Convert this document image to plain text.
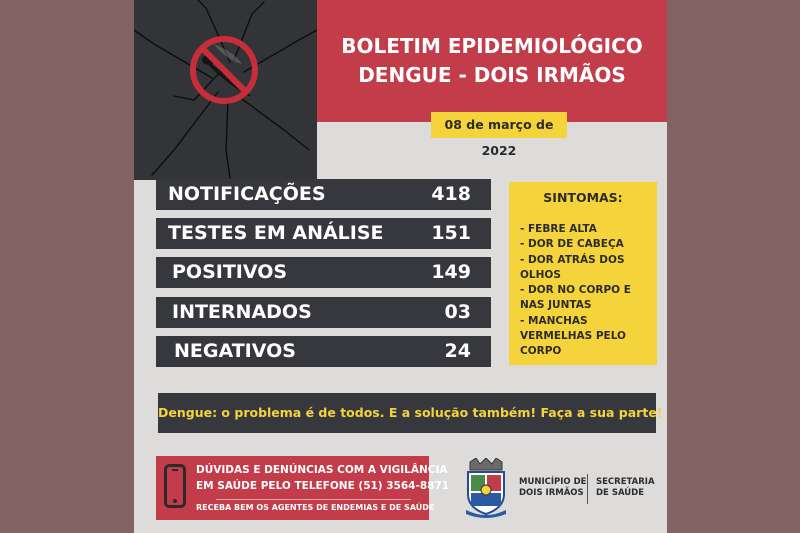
BOLETIM EPIDEMIOLÓGICO
DENGUE - DOIS IRMÃOS
08 de março de 2022
NOTIFICAÇÕES	418
TESTES EM ANÁLISE	151
POSITIVOS	149
INTERNADOS	03
NEGATIVOS	24
SINTOMAS:
- FEBRE ALTA
- DOR DE CABEÇA
- DOR ATRÁS DOS OLHOS
- DOR NO CORPO E NAS JUNTAS
- MANCHAS VERMELHAS PELO CORPO
Dengue: o problema é de todos. E a solução também! Faça a sua parte!
DÚVIDAS E DENÚNCIAS COM A VIGILÂNCIA
EM SAÚDE PELO TELEFONE (51) 3564-8871
RECEBA BEM OS AGENTES DE ENDEMIAS E DE SAÚDE
MUNICÍPIO DE
DOIS IRMÃOS
SECRETARIA
DE SAÚDE
